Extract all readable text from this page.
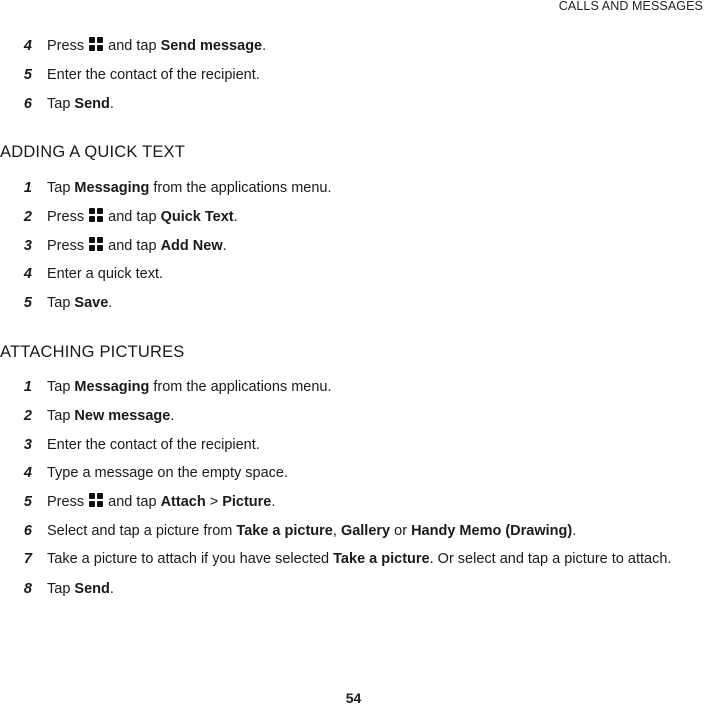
CALLS AND MESSAGES
4 Press and tap Send message.
5 Enter the contact of the recipient.
6 Tap Send.
ADDING A QUICK TEXT
1 Tap Messaging from the applications menu.
2 Press and tap Quick Text.
3 Press and tap Add New.
4 Enter a quick text.
5 Tap Save.
ATTACHING PICTURES
1 Tap Messaging from the applications menu.
2 Tap New message.
3 Enter the contact of the recipient.
4 Type a message on the empty space.
5 Press and tap Attach > Picture.
6 Select and tap a picture from Take a picture, Gallery or Handy Memo (Drawing).
7 Take a picture to attach if you have selected Take a picture. Or select and tap a picture to attach.
8 Tap Send.
54
